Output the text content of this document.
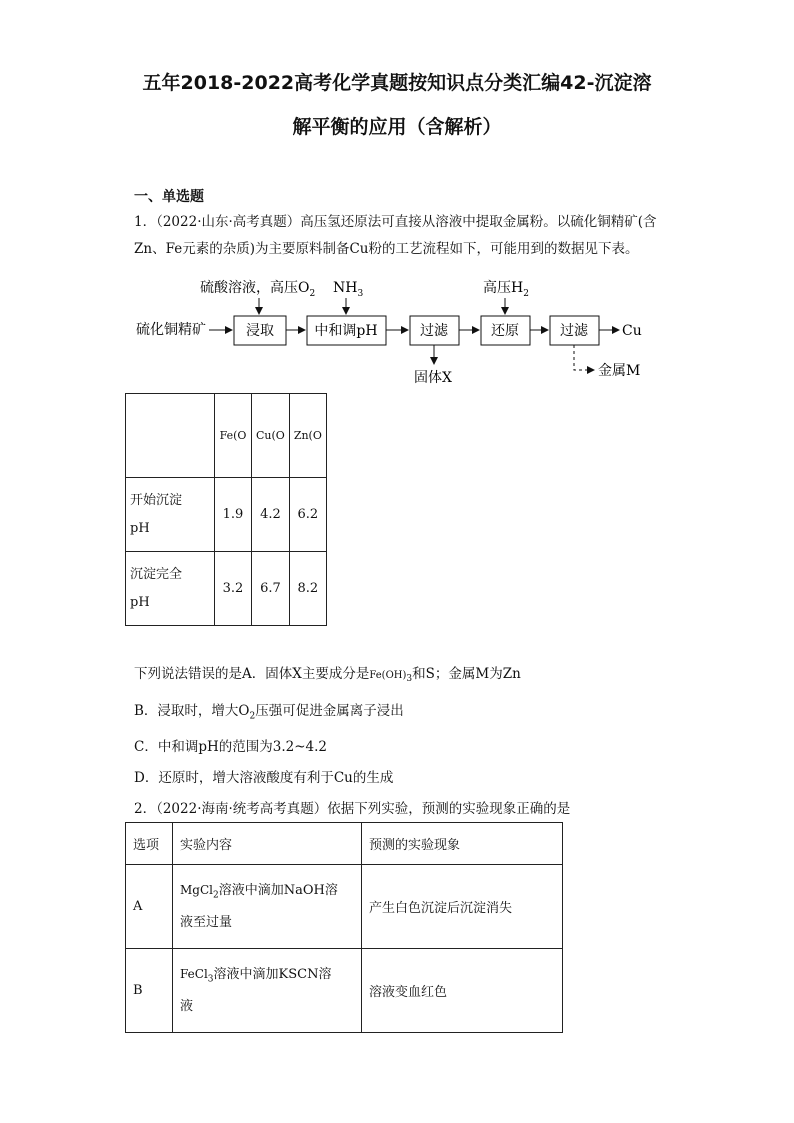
五年2018-2022高考化学真题按知识点分类汇编42-沉淀溶
解平衡的应用（含解析）
一、单选题
1．（2022·山东·高考真题）高压氢还原法可直接从溶液中提取金属粉。以硫化铜精矿(含
Zn、Fe元素的杂质)为主要原料制备Cu粉的工艺流程如下，可能用到的数据见下表。
硫酸溶液，高压$O_2$ $NH_3$	高压$H_2$
硫化铜精矿	浸取	中和调pH	过滤	还原	过滤 Cu
固体X	金属M
	Fe(O	Cu(O	Zn(O

开始沉淀
pH	1.9	4.2	6.2

沉淀完全
pH	3.2	6.7	8.2
下列说法错误的是A．固体X主要成分是$Fe(OH)_3$和S；金属M为Zn
B．浸取时，增大$O_2$压强可促进金属离子浸出
C．中和调pH的范围为3.2~4.2
D．还原时，增大溶液酸度有利于Cu的生成
2．（2022·海南·统考高考真题）依据下列实验，预测的实验现象正确的是
选项	实验内容	预测的实验现象
A	MgCl$_2$溶液中滴加NaOH溶
液至过量	产生白色沉淀后沉淀消失
B	FeCl$_3$溶液中滴加KSCN溶
液	溶液变血红色
